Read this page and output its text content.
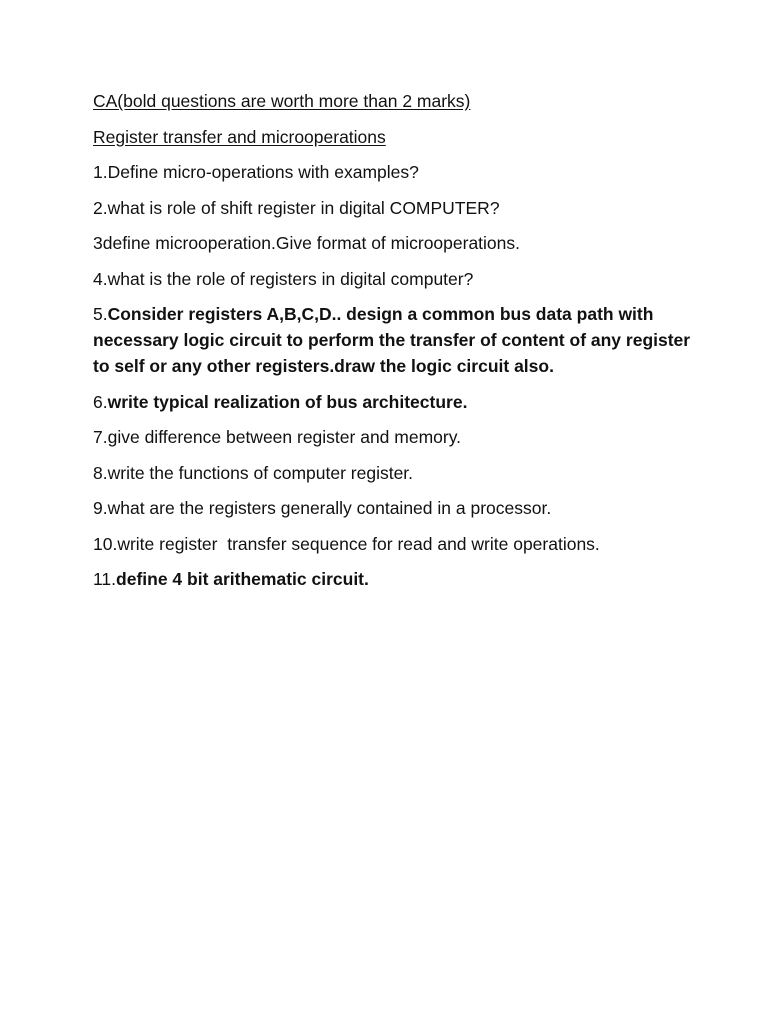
CA(bold questions are worth more than 2 marks)
Register transfer and microoperations
1.Define micro-operations with examples?
2.what is role of shift register in digital COMPUTER?
3define microoperation.Give format of microoperations.
4.what is the role of registers in digital computer?
5.Consider registers A,B,C,D.. design a common bus data path with necessary logic circuit to perform the transfer of content of any register to self or any other registers.draw the logic circuit also.
6.write typical realization of bus architecture.
7.give difference between register and memory.
8.write the functions of computer register.
9.what are the registers generally contained in a processor.
10.write register  transfer sequence for read and write operations.
11.define 4 bit arithematic circuit.
